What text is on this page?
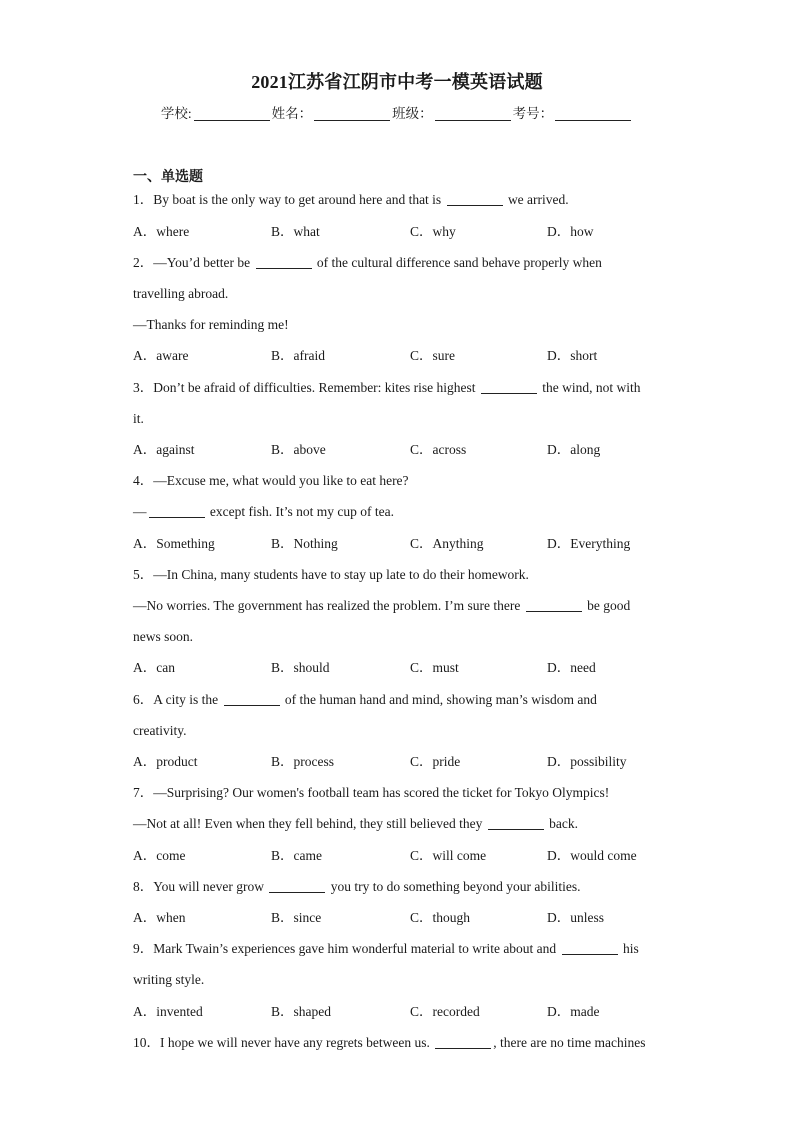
2021江苏省江阴市中考一模英语试题
学校:	姓名：	班级：	考号：
一、单选题
1．By boat is the only way to get around here and that is	we arrived.
A．where	B．what	C．why	D．how
2．—You’d better be	of the cultural difference sand behave properly when
travelling abroad.
—Thanks for reminding me!
A．aware	B．afraid	C．sure	D．short
3．Don’t be afraid of difficulties. Remember: kites rise highest	the wind, not with
it.
A．against	B．above	C．across	D．along
4．—Excuse me, what would you like to eat here?
—	except fish. It’s not my cup of tea.
A．Something	B．Nothing	C．Anything	D．Everything
5．—In China, many students have to stay up late to do their homework.
—No worries. The government has realized the problem. I’m sure there	be good
news soon.
A．can	B．should	C．must	D．need
6．A city is the	of the human hand and mind, showing man’s wisdom and
creativity.
A．product	B．process	C．pride	D．possibility
7．—Surprising? Our women's football team has scored the ticket for Tokyo Olympics!
—Not at all! Even when they fell behind, they still believed they	back.
A．come	B．came	C．will come	D．would come
8．You will never grow	you try to do something beyond your abilities.
A．when	B．since	C．though	D．unless
9．Mark Twain’s experiences gave him wonderful material to write about and	his
writing style.
A．invented	B．shaped	C．recorded	D．made
10．I hope we will never have any regrets between us.	, there are no time machines
